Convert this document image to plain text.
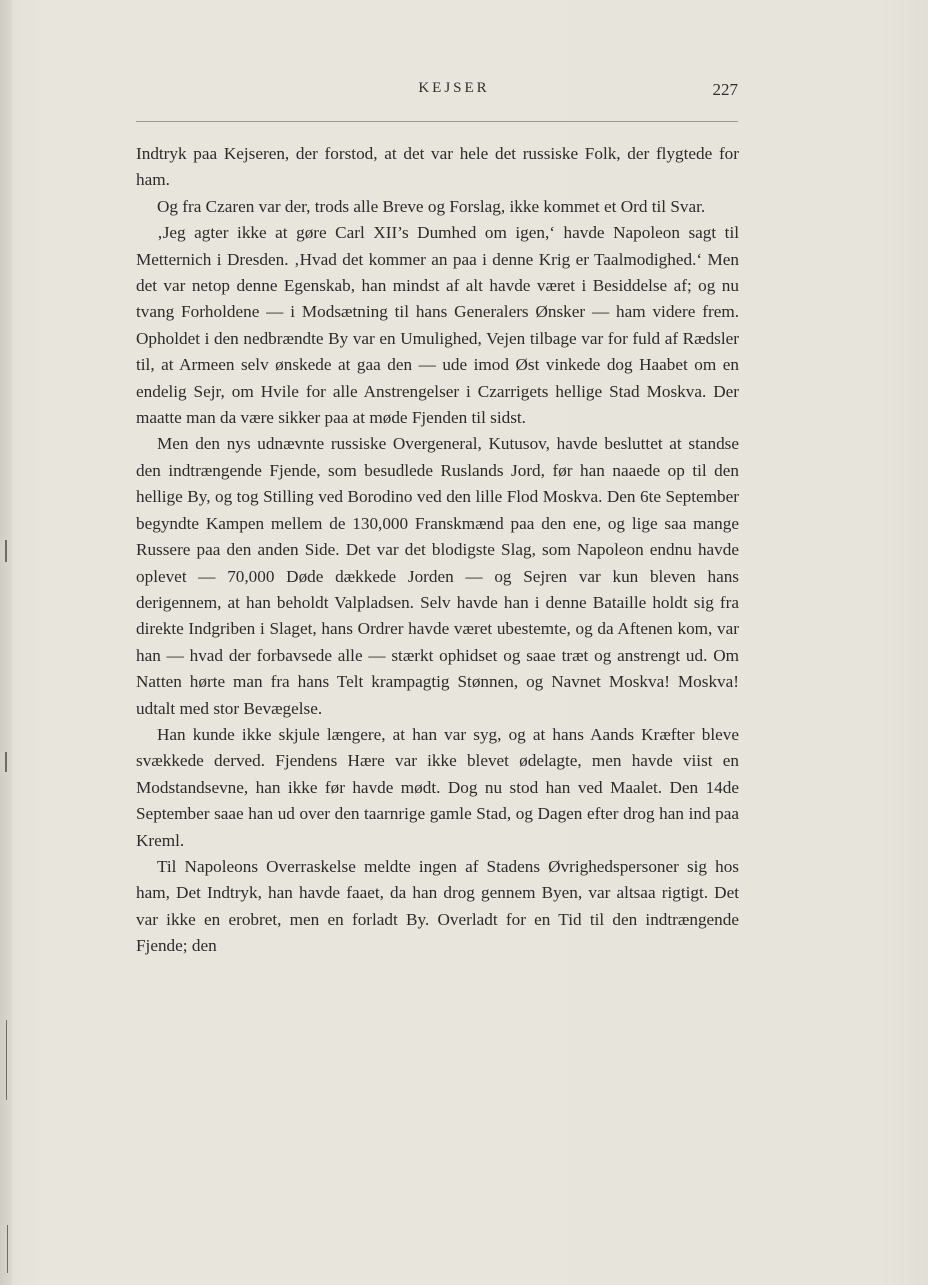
KEJSER	227

Indtryk paa Kejseren, der forstod, at det var hele det russiske Folk, der flygtede for ham.

Og fra Czaren var der, trods alle Breve og Forslag, ikke kommet et Ord til Svar.

‚Jeg agter ikke at gøre Carl XII’s Dumhed om igen,‘ havde Napoleon sagt til Metternich i Dresden. ‚Hvad det kommer an paa i denne Krig er Taalmodighed.‘ Men det var netop denne Egenskab, han mindst af alt havde været i Besiddelse af; og nu tvang Forholdene — i Modsætning til hans Generalers Ønsker — ham videre frem. Opholdet i den nedbrændte By var en Umulighed, Vejen tilbage var for fuld af Rædsler til, at Armeen selv ønskede at gaa den — ude imod Øst vinkede dog Haabet om en endelig Sejr, om Hvile for alle Anstrengelser i Czarrigets hellige Stad Moskva. Der maatte man da være sikker paa at møde Fjenden til sidst.

Men den nys udnævnte russiske Overgeneral, Kutusov, havde besluttet at standse den indtrængende Fjende, som besudlede Ruslands Jord, før han naaede op til den hellige By, og tog Stilling ved Borodino ved den lille Flod Moskva. Den 6te September begyndte Kampen mellem de 130,000 Franskmænd paa den ene, og lige saa mange Russere paa den anden Side. Det var det blodigste Slag, som Napoleon endnu havde oplevet — 70,000 Døde dækkede Jorden — og Sejren var kun bleven hans derigennem, at han beholdt Valpladsen. Selv havde han i denne Bataille holdt sig fra direkte Indgriben i Slaget, hans Ordrer havde været ubestemte, og da Aftenen kom, var han — hvad der forbavsede alle — stærkt ophidset og saae træt og anstrengt ud. Om Natten hørte man fra hans Telt krampagtig Stønnen, og Navnet Moskva! Moskva! udtalt med stor Bevægelse.

Han kunde ikke skjule længere, at han var syg, og at hans Aands Kræfter bleve svækkede derved. Fjendens Hære var ikke blevet ødelagte, men havde viist en Modstandsevne, han ikke før havde mødt. Dog nu stod han ved Maalet. Den 14de September saae han ud over den taarnrige gamle Stad, og Dagen efter drog han ind paa Kreml.

Til Napoleons Overraskelse meldte ingen af Stadens Øvrighedspersoner sig hos ham, Det Indtryk, han havde faaet, da han drog gennem Byen, var altsaa rigtigt. Det var ikke en erobret, men en forladt By. Overladt for en Tid til den indtrængende Fjende; den
